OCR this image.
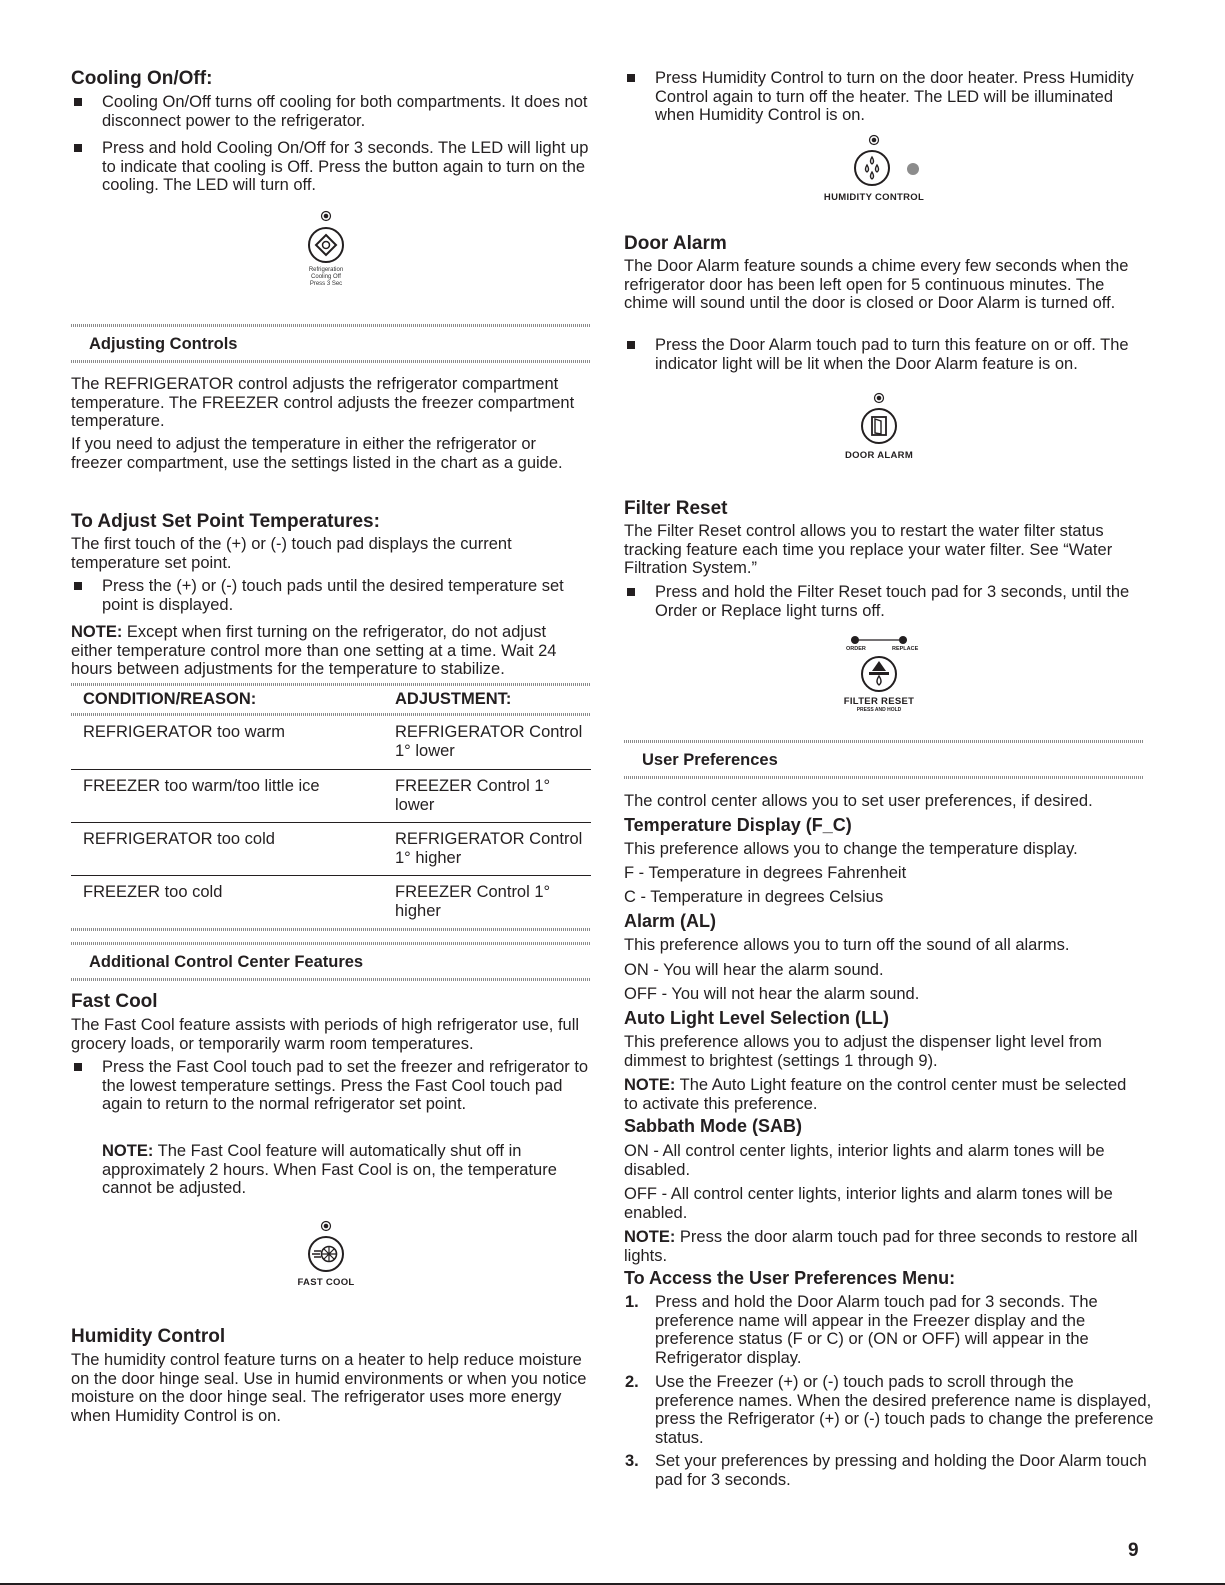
Cooling On/Off:
Cooling On/Off turns off cooling for both compartments. It does not disconnect power to the refrigerator.
Press and hold Cooling On/Off for 3 seconds. The LED will light up to indicate that cooling is Off. Press the button again to turn on the cooling. The LED will turn off.
Refrigeration
Cooling Off
Press 3 Sec
Adjusting Controls

The REFRIGERATOR control adjusts the refrigerator compartment temperature. The FREEZER control adjusts the freezer compartment temperature.

If you need to adjust the temperature in either the refrigerator or freezer compartment, use the settings listed in the chart as a guide.

To Adjust Set Point Temperatures:

The first touch of the (+) or (-) touch pad displays the current temperature set point.

Press the (+) or (-) touch pads until the desired temperature set point is displayed.

NOTE: Except when first turning on the refrigerator, do not adjust either temperature control more than one setting at a time. Wait 24 hours between adjustments for the temperature to stabilize.

CONDITION/REASON:	ADJUSTMENT:
REFRIGERATOR too warm	REFRIGERATOR Control 1° lower
FREEZER too warm/too little ice	FREEZER Control 1° lower
REFRIGERATOR too cold	REFRIGERATOR Control 1° higher
FREEZER too cold	FREEZER Control 1° higher
Additional Control Center Features
Fast Cool

The Fast Cool feature assists with periods of high refrigerator use, full grocery loads, or temporarily warm room temperatures.

Press the Fast Cool touch pad to set the freezer and refrigerator to the lowest temperature settings. Press the Fast Cool touch pad again to return to the normal refrigerator set point.

NOTE: The Fast Cool feature will automatically shut off in approximately 2 hours. When Fast Cool is on, the temperature cannot be adjusted.

FAST COOL
Humidity Control

The humidity control feature turns on a heater to help reduce moisture on the door hinge seal. Use in humid environments or when you notice moisture on the door hinge seal. The refrigerator uses more energy when Humidity Control is on.

Press Humidity Control to turn on the door heater. Press Humidity Control again to turn off the heater. The LED will be illuminated when Humidity Control is on.
HUMIDITY CONTROL
Door Alarm

The Door Alarm feature sounds a chime every few seconds when the refrigerator door has been left open for 5 continuous minutes. The chime will sound until the door is closed or Door Alarm is turned off.

Press the Door Alarm touch pad to turn this feature on or off. The indicator light will be lit when the Door Alarm feature is on.
DOOR ALARM
Filter Reset

The Filter Reset control allows you to restart the water filter status tracking feature each time you replace your water filter. See “Water Filtration System.”

Press and hold the Filter Reset touch pad for 3 seconds, until the Order or Replace light turns off.
ORDER	REPLACE
FILTER RESET
PRESS AND HOLD
User Preferences

The control center allows you to set user preferences, if desired.

Temperature Display (F_C)

This preference allows you to change the temperature display.

F - Temperature in degrees Fahrenheit

C - Temperature in degrees Celsius

Alarm (AL)

This preference allows you to turn off the sound of all alarms.

ON - You will hear the alarm sound.

OFF - You will not hear the alarm sound.

Auto Light Level Selection (LL)

This preference allows you to adjust the dispenser light level from dimmest to brightest (settings 1 through 9).

NOTE: The Auto Light feature on the control center must be selected to activate this preference.

Sabbath Mode (SAB)

ON - All control center lights, interior lights and alarm tones will be disabled.

OFF - All control center lights, interior lights and alarm tones will be enabled.

NOTE: Press the door alarm touch pad for three seconds to restore all lights.

To Access the User Preferences Menu:
1. Press and hold the Door Alarm touch pad for 3 seconds. The preference name will appear in the Freezer display and the preference status (F or C) or (ON or OFF) will appear in the Refrigerator display.
2. Use the Freezer (+) or (-) touch pads to scroll through the preference names. When the desired preference name is displayed, press the Refrigerator (+) or (-) touch pads to change the preference status.
3. Set your preferences by pressing and holding the Door Alarm touch pad for 3 seconds.
9
